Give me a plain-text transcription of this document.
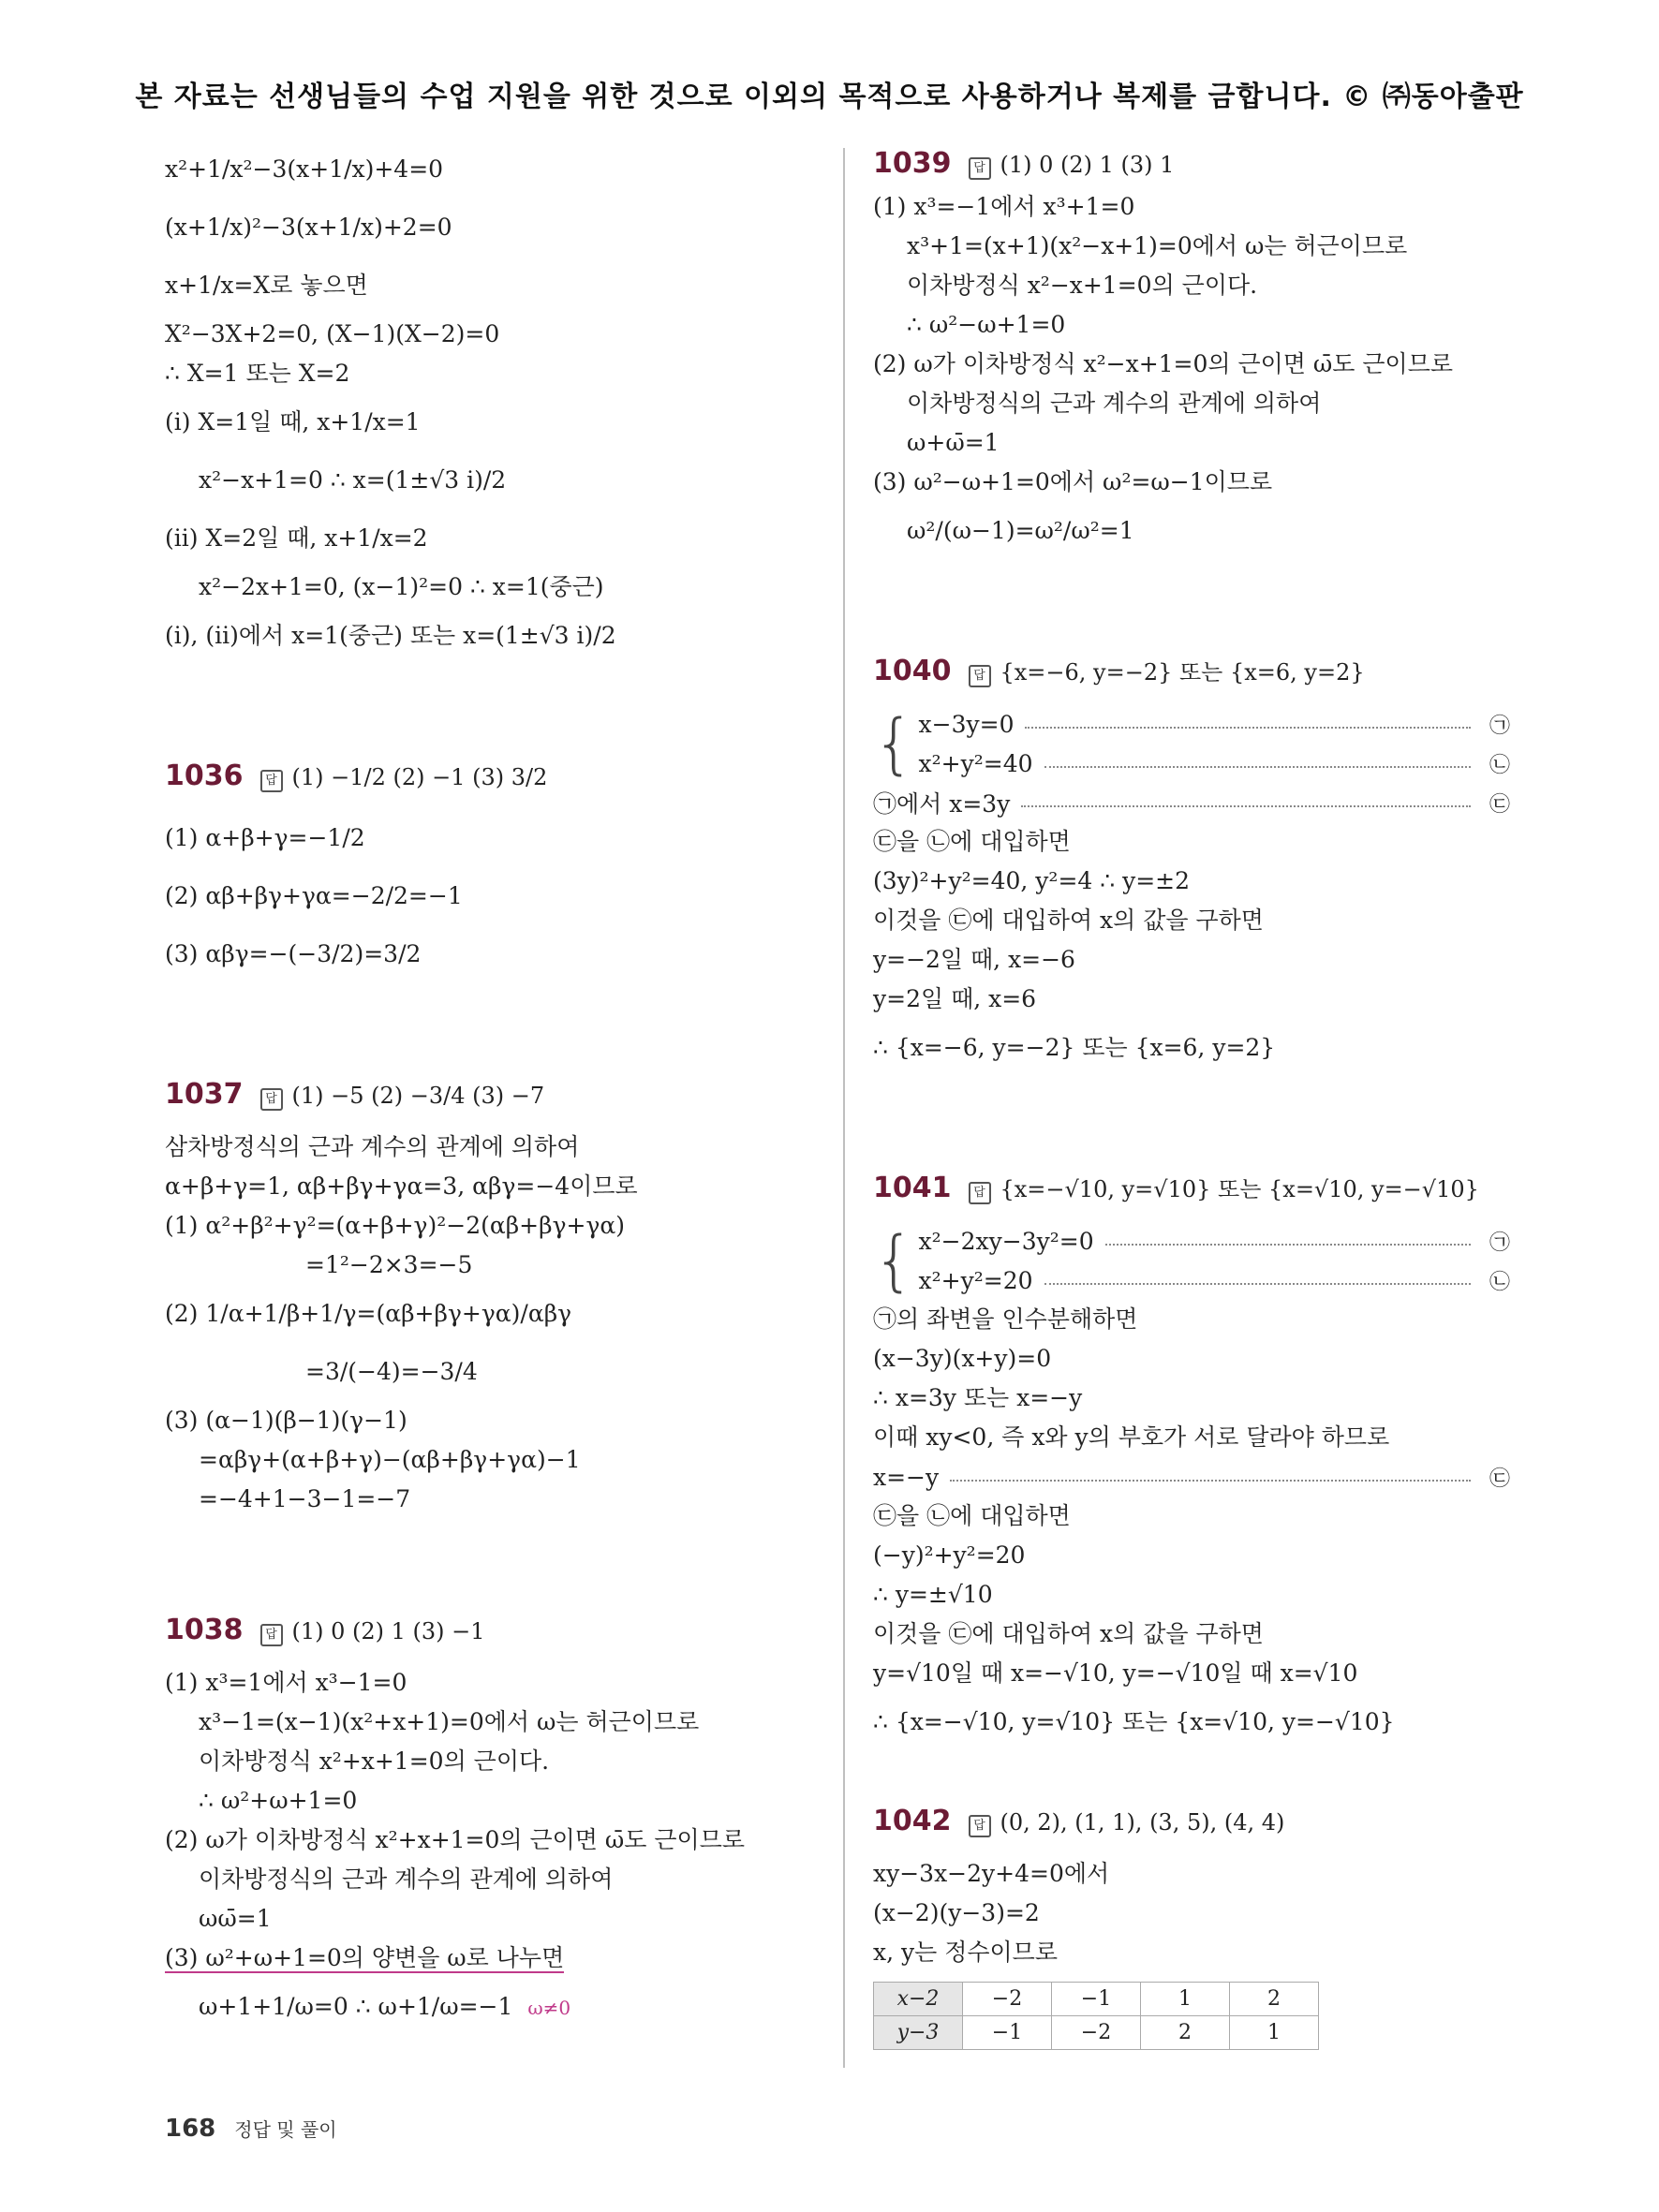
본 자료는 선생님들의 수업 지원을 위한 것으로 이외의 목적으로 사용하거나 복제를 금합니다. © ㈜동아출판
x²+1/x²−3(x+1/x)+4=0
(x+1/x)²−3(x+1/x)+2=0
x+1/x=X로 놓으면
X²−3X+2=0, (X−1)(X−2)=0
∴ X=1 또는 X=2
(ⅰ) X=1일 때, x+1/x=1
x²−x+1=0 ∴ x=(1±√3 i)/2
(ⅱ) X=2일 때, x+1/x=2
x²−2x+1=0, (x−1)²=0 ∴ x=1(중근)
(ⅰ), (ⅱ)에서 x=1(중근) 또는 x=(1±√3 i)/2
1036 답 (1) −1/2 (2) −1 (3) 3/2
(1) α+β+γ=−1/2
(2) αβ+βγ+γα=−2/2=−1
(3) αβγ=−(−3/2)=3/2
1037 답 (1) −5 (2) −3/4 (3) −7
삼차방정식의 근과 계수의 관계에 의하여
α+β+γ=1, αβ+βγ+γα=3, αβγ=−4이므로
(1) α²+β²+γ²=(α+β+γ)²−2(αβ+βγ+γα)
=1²−2×3=−5
(2) 1/α+1/β+1/γ=(αβ+βγ+γα)/αβγ
=3/(−4)=−3/4
(3) (α−1)(β−1)(γ−1)
=αβγ+(α+β+γ)−(αβ+βγ+γα)−1
=−4+1−3−1=−7
1038 답 (1) 0 (2) 1 (3) −1
(1) x³=1에서 x³−1=0
x³−1=(x−1)(x²+x+1)=0에서 ω는 허근이므로
이차방정식 x²+x+1=0의 근이다.
∴ ω²+ω+1=0
(2) ω가 이차방정식 x²+x+1=0의 근이면 ω̄도 근이므로
이차방정식의 근과 계수의 관계에 의하여
ωω̄=1
(3) ω²+ω+1=0의 양변을 ω로 나누면
ω+1+1/ω=0 ∴ ω+1/ω=−1 ω≠0
1039 답 (1) 0 (2) 1 (3) 1
(1) x³=−1에서 x³+1=0
x³+1=(x+1)(x²−x+1)=0에서 ω는 허근이므로
이차방정식 x²−x+1=0의 근이다.
∴ ω²−ω+1=0
(2) ω가 이차방정식 x²−x+1=0의 근이면 ω̄도 근이므로
이차방정식의 근과 계수의 관계에 의하여
ω+ω̄=1
(3) ω²−ω+1=0에서 ω²=ω−1이므로
ω²/(ω−1)=ω²/ω²=1
1040 답 {x=−6, y=−2} 또는 {x=6, y=2}
{ x−3y=0	㉠
x²+y²=40	㉡
㉠에서 x=3y	㉢
㉢을 ㉡에 대입하면
(3y)²+y²=40, y²=4 ∴ y=±2
이것을 ㉢에 대입하여 x의 값을 구하면
y=−2일 때, x=−6
y=2일 때, x=6
∴ {x=−6, y=−2} 또는 {x=6, y=2}
1041 답 {x=−√10, y=√10} 또는 {x=√10, y=−√10}
{ x²−2xy−3y²=0	㉠
x²+y²=20	㉡
㉠의 좌변을 인수분해하면
(x−3y)(x+y)=0
∴ x=3y 또는 x=−y
이때 xy<0, 즉 x와 y의 부호가 서로 달라야 하므로
x=−y	㉢
㉢을 ㉡에 대입하면
(−y)²+y²=20
∴ y=±√10
이것을 ㉢에 대입하여 x의 값을 구하면
y=√10일 때 x=−√10, y=−√10일 때 x=√10
∴ {x=−√10, y=√10} 또는 {x=√10, y=−√10}
1042 답 (0, 2), (1, 1), (3, 5), (4, 4)
xy−3x−2y+4=0에서
(x−2)(y−3)=2
x, y는 정수이므로
x−2	−2	−1	1	2
y−3	−1	−2	2	1
168 정답 및 풀이
